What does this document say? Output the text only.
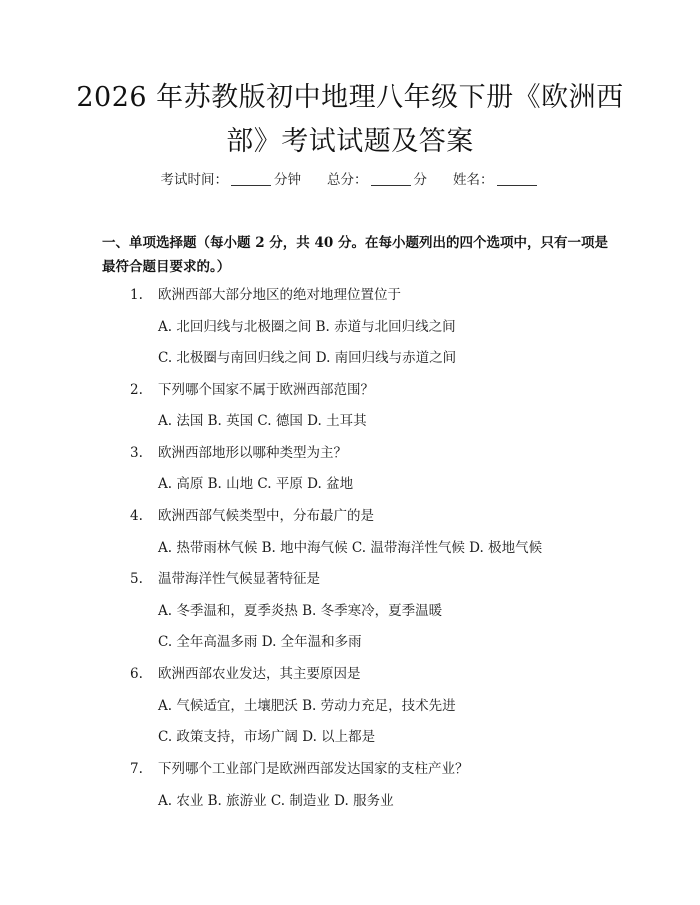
2026 年苏教版初中地理八年级下册《欧洲西
部》考试试题及答案
考试时间：	分钟 总分：	分 姓名：
一、单项选择题（每小题 2 分，共 40 分。在每小题列出的四个选项中，只有一项是最符合题目要求的。）
1. 欧洲西部大部分地区的绝对地理位置位于
A. 北回归线与北极圈之间 B. 赤道与北回归线之间
C. 北极圈与南回归线之间 D. 南回归线与赤道之间
2. 下列哪个国家不属于欧洲西部范围？
A. 法国 B. 英国 C. 德国 D. 土耳其
3. 欧洲西部地形以哪种类型为主？
A. 高原 B. 山地 C. 平原 D. 盆地
4. 欧洲西部气候类型中，分布最广的是
A. 热带雨林气候 B. 地中海气候 C. 温带海洋性气候 D. 极地气候
5. 温带海洋性气候显著特征是
A. 冬季温和，夏季炎热 B. 冬季寒冷，夏季温暖
C. 全年高温多雨 D. 全年温和多雨
6. 欧洲西部农业发达，其主要原因是
A. 气候适宜，土壤肥沃 B. 劳动力充足，技术先进
C. 政策支持，市场广阔 D. 以上都是
7. 下列哪个工业部门是欧洲西部发达国家的支柱产业？
A. 农业 B. 旅游业 C. 制造业 D. 服务业
